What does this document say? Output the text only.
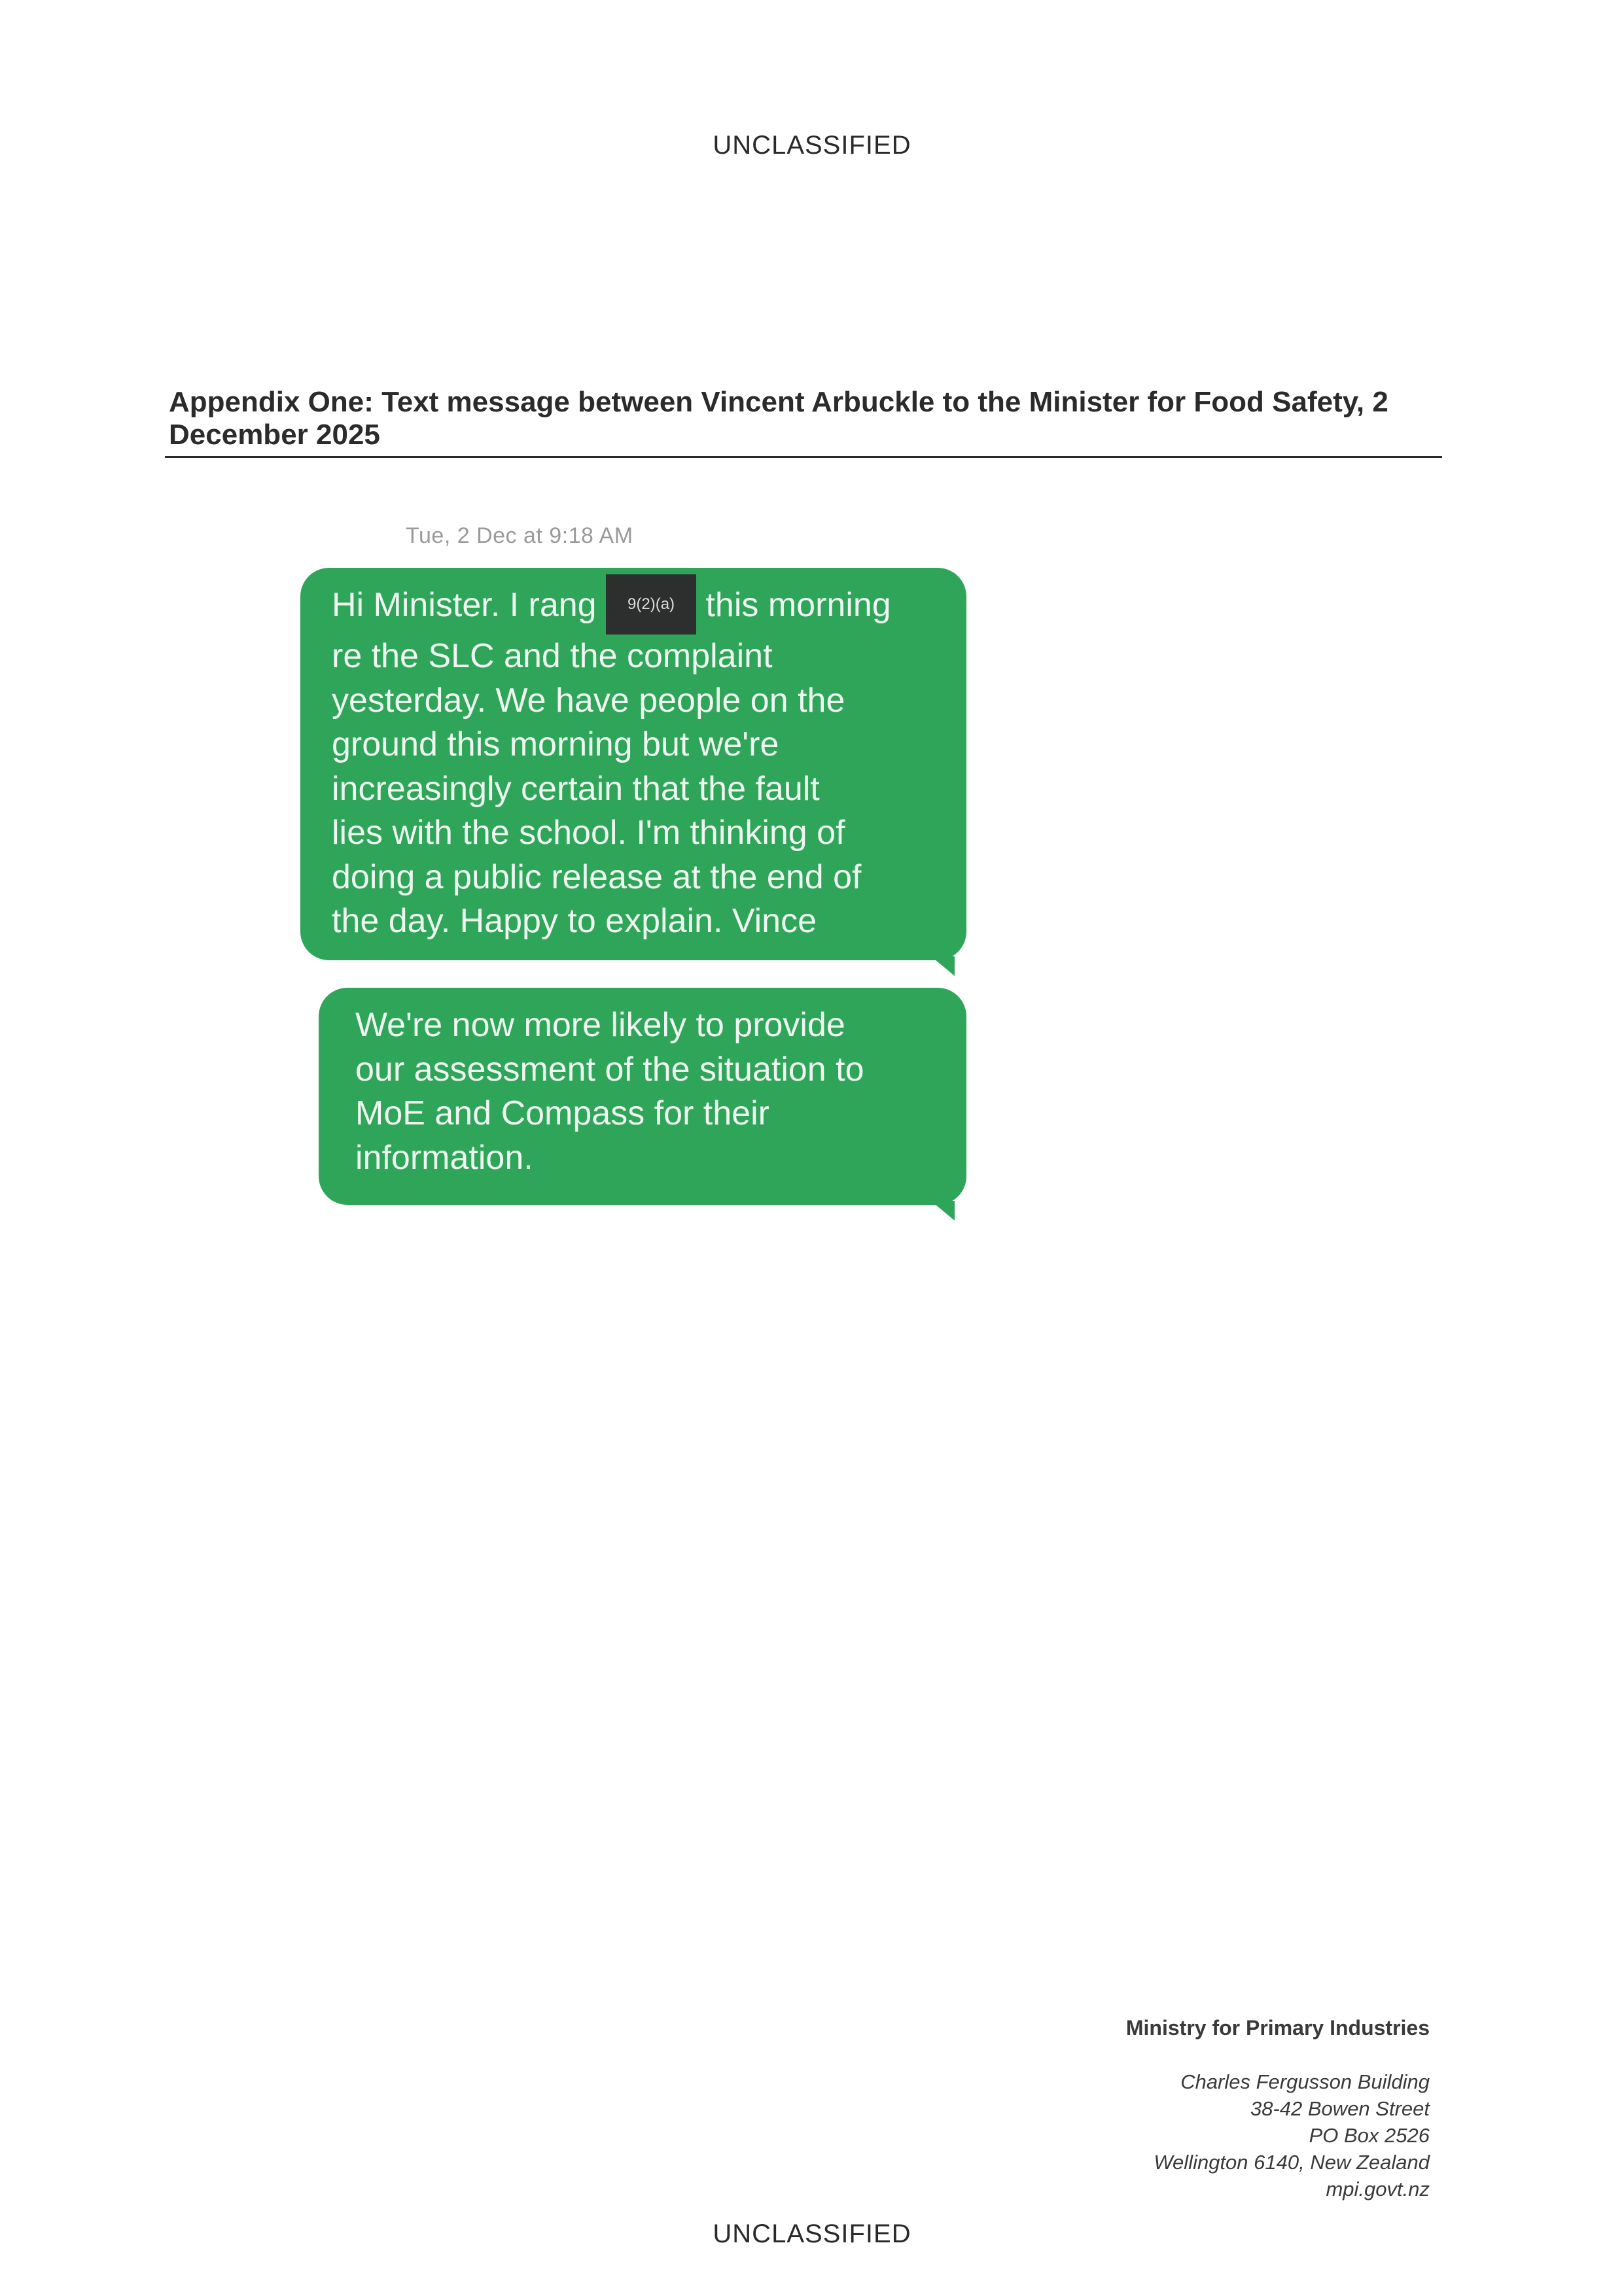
UNCLASSIFIED
Appendix One: Text message between Vincent Arbuckle to the Minister for Food Safety, 2 December 2025
Tue, 2 Dec at 9:18 AM
Hi Minister. I rang 9(2)(a) this morning
re the SLC and the complaint
yesterday. We have people on the
ground this morning but we're
increasingly certain that the fault
lies with the school. I'm thinking of
doing a public release at the end of
the day. Happy to explain. Vince
We're now more likely to provide
our assessment of the situation to
MoE and Compass for their
information.
Ministry for Primary Industries
Charles Fergusson Building
38-42 Bowen Street
PO Box 2526
Wellington 6140, New Zealand
mpi.govt.nz
UNCLASSIFIED
